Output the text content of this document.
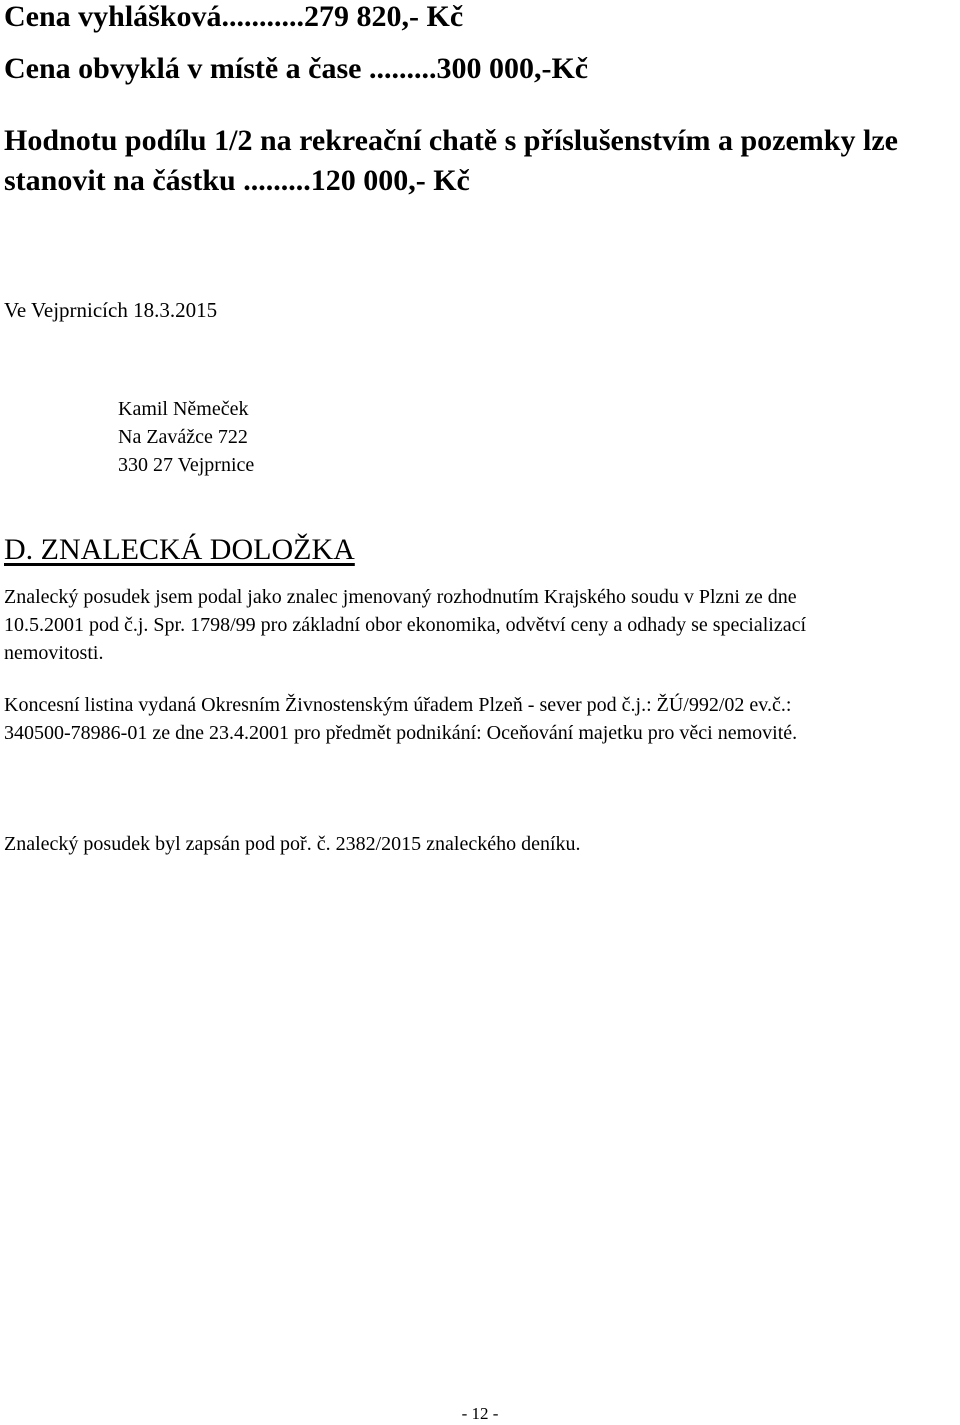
Cena vyhlášková...........279 820,- Kč
Cena obvyklá v místě a čase .........300 000,-Kč
Hodnotu podílu 1/2 na rekreační chatě s příslušenstvím a pozemky lze
stanovit na částku .........120 000,- Kč
Ve Vejprnicích 18.3.2015
Kamil Němeček
Na Zavážce 722
330 27 Vejprnice
D. ZNALECKÁ DOLOŽKA
Znalecký posudek jsem podal jako znalec jmenovaný rozhodnutím Krajského soudu v Plzni ze dne
10.5.2001 pod č.j. Spr. 1798/99 pro základní obor ekonomika, odvětví ceny a odhady se specializací
nemovitosti.
Koncesní listina vydaná Okresním Živnostenským úřadem Plzeň - sever pod č.j.: ŽÚ/992/02 ev.č.:
340500-78986-01 ze dne 23.4.2001 pro předmět podnikání: Oceňování majetku pro věci nemovité.
Znalecký posudek byl zapsán pod poř. č. 2382/2015 znaleckého deníku.
- 12 -
